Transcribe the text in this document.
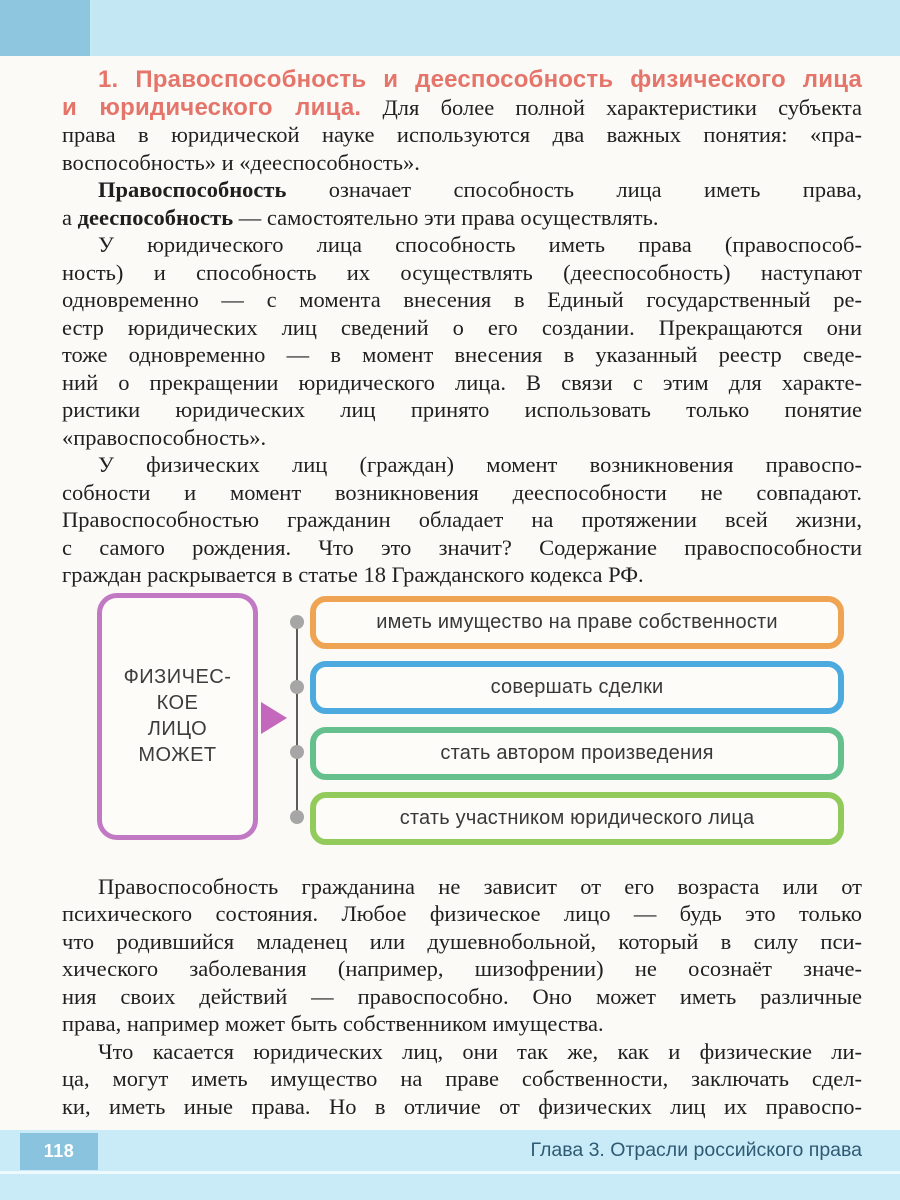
1. Правоспособность и дееспособность физического лица
и юридического лица. Для более полной характеристики субъекта
права в юридической науке используются два важных понятия: «пра-
воспособность» и «дееспособность».
Правоспособность означает способность лица иметь права,
а дееспособность — самостоятельно эти права осуществлять.
У юридического лица способность иметь права (правоспособ-
ность) и способность их осуществлять (дееспособность) наступают
одновременно — с момента внесения в Единый государственный ре-
естр юридических лиц сведений о его создании. Прекращаются они
тоже одновременно — в момент внесения в указанный реестр сведе-
ний о прекращении юридического лица. В связи с этим для характе-
ристики юридических лиц принято использовать только понятие
«правоспособность».
У физических лиц (граждан) момент возникновения правоспо-
собности и момент возникновения дееспособности не совпадают.
Правоспособностью гражданин обладает на протяжении всей жизни,
с самого рождения. Что это значит? Содержание правоспособности
граждан раскрывается в статье 18 Гражданского кодекса РФ.
ФИЗИЧЕС-
КОЕ
ЛИЦО
МОЖЕТ
иметь имущество на праве собственности
совершать сделки
стать автором произведения
стать участником юридического лица
Правоспособность гражданина не зависит от его возраста или от
психического состояния. Любое физическое лицо — будь это только
что родившийся младенец или душевнобольной, который в силу пси-
хического заболевания (например, шизофрении) не осознаёт значе-
ния своих действий — правоспособно. Оно может иметь различные
права, например может быть собственником имущества.
Что касается юридических лиц, они так же, как и физические ли-
ца, могут иметь имущество на праве собственности, заключать сдел-
ки, иметь иные права. Но в отличие от физических лиц их правоспо-
118	Глава 3. Отрасли российского права
